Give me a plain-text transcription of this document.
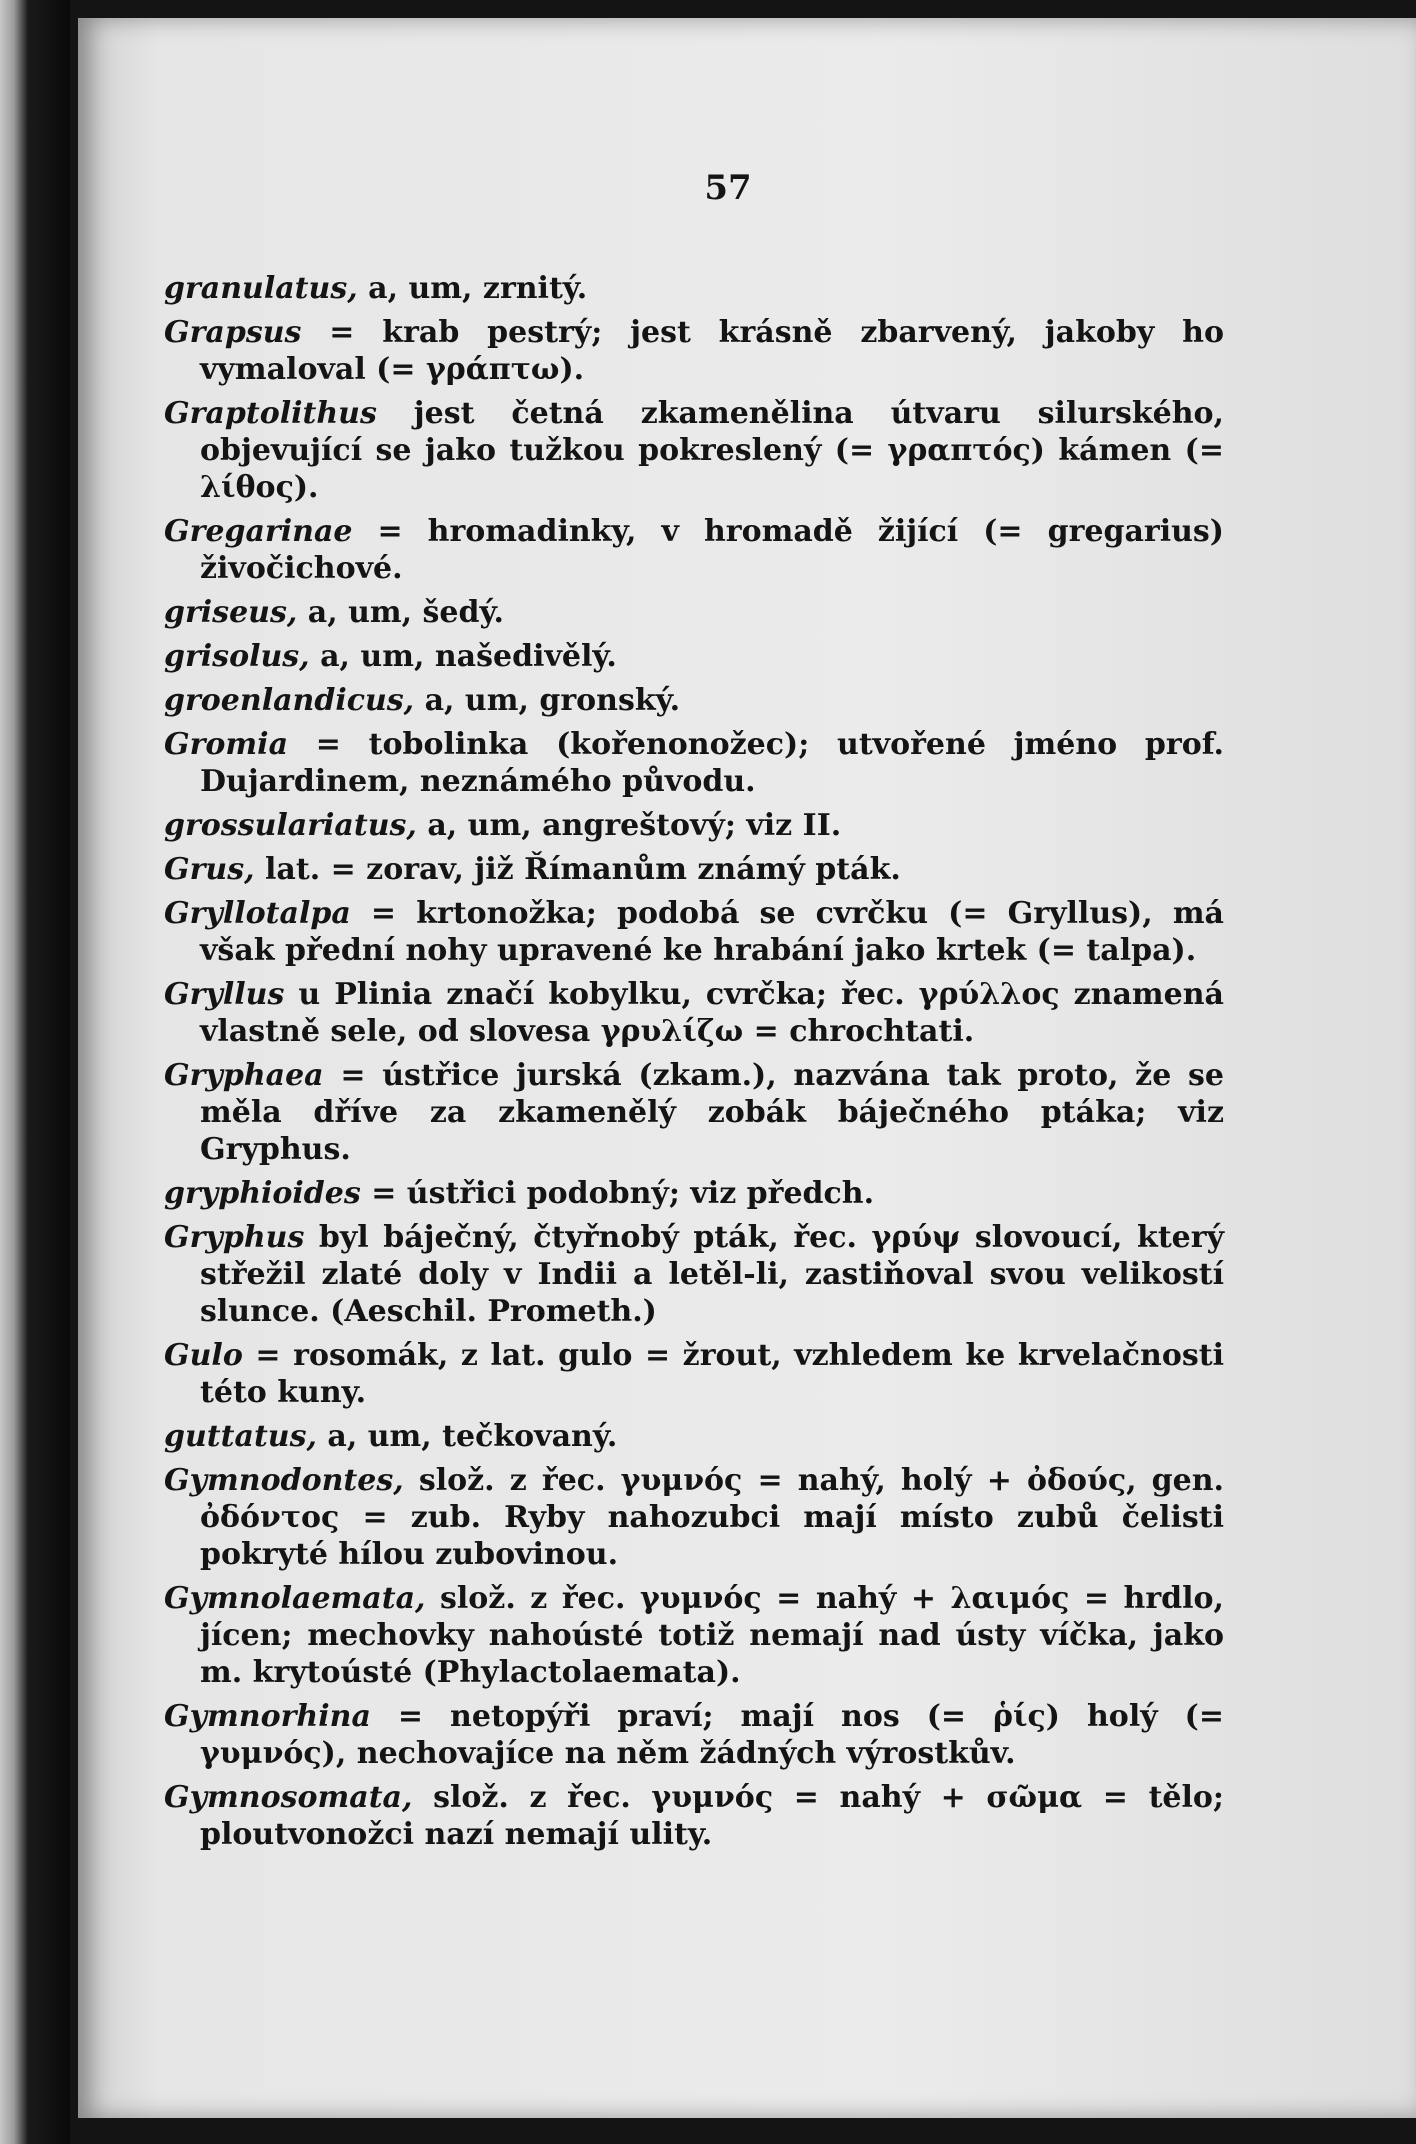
57

granulatus, a, um, zrnitý.

Grapsus = krab pestrý; jest krásně zbarvený, jakoby ho vymaloval (= γράπτω).

Graptolithus jest četná zkamenělina útvaru silurského, objevující se jako tužkou pokreslený (= γραπτός) kámen (= λίθος).

Gregarinae = hromadinky, v hromadě žijící (= gregarius) živočichové.

griseus, a, um, šedý.

grisolus, a, um, našedivělý.

groenlandicus, a, um, gronský.

Gromia = tobolinka (kořenonožec); utvořené jméno prof. Dujardinem, neznámého původu.

grossulariatus, a, um, angreštový; viz II.

Grus, lat. = zorav, již Římanům známý pták.

Gryllotalpa = krtonožka; podobá se cvrčku (= Gryllus), má však přední nohy upravené ke hrabání jako krtek (= talpa).

Gryllus u Plinia značí kobylku, cvrčka; řec. γρύλλος znamená vlastně sele, od slovesa γρυλίζω = chrochtati.

Gryphaea = ústřice jurská (zkam.), nazvána tak proto, že se měla dříve za zkamenělý zobák báječného ptáka; viz Gryphus.

gryphioides = ústřici podobný; viz předch.

Gryphus byl báječný, čtyřnobý pták, řec. γρύψ slovoucí, který střežil zlaté doly v Indii a letěl-li, zastiňoval svou velikostí slunce. (Aeschil. Prometh.)

Gulo = rosomák, z lat. gulo = žrout, vzhledem ke krvelačnosti této kuny.

guttatus, a, um, tečkovaný.

Gymnodontes, slož. z řec. γυμνός = nahý, holý + ὀδούς, gen. ὀδόντος = zub. Ryby nahozubci mají místo zubů čelisti pokryté hílou zubovinou.

Gymnolaemata, slož. z řec. γυμνός = nahý + λαιμός = hrdlo, jícen; mechovky nahoústé totiž nemají nad ústy víčka, jako m. krytoústé (Phylactolaemata).

Gymnorhina = netopýři praví; mají nos (= ῥίς) holý (= γυμνός), nechovajíce na něm žádných výrostkův.

Gymnosomata, slož. z řec. γυμνός = nahý + σῶμα = tělo; ploutvonožci nazí nemají ulity.
